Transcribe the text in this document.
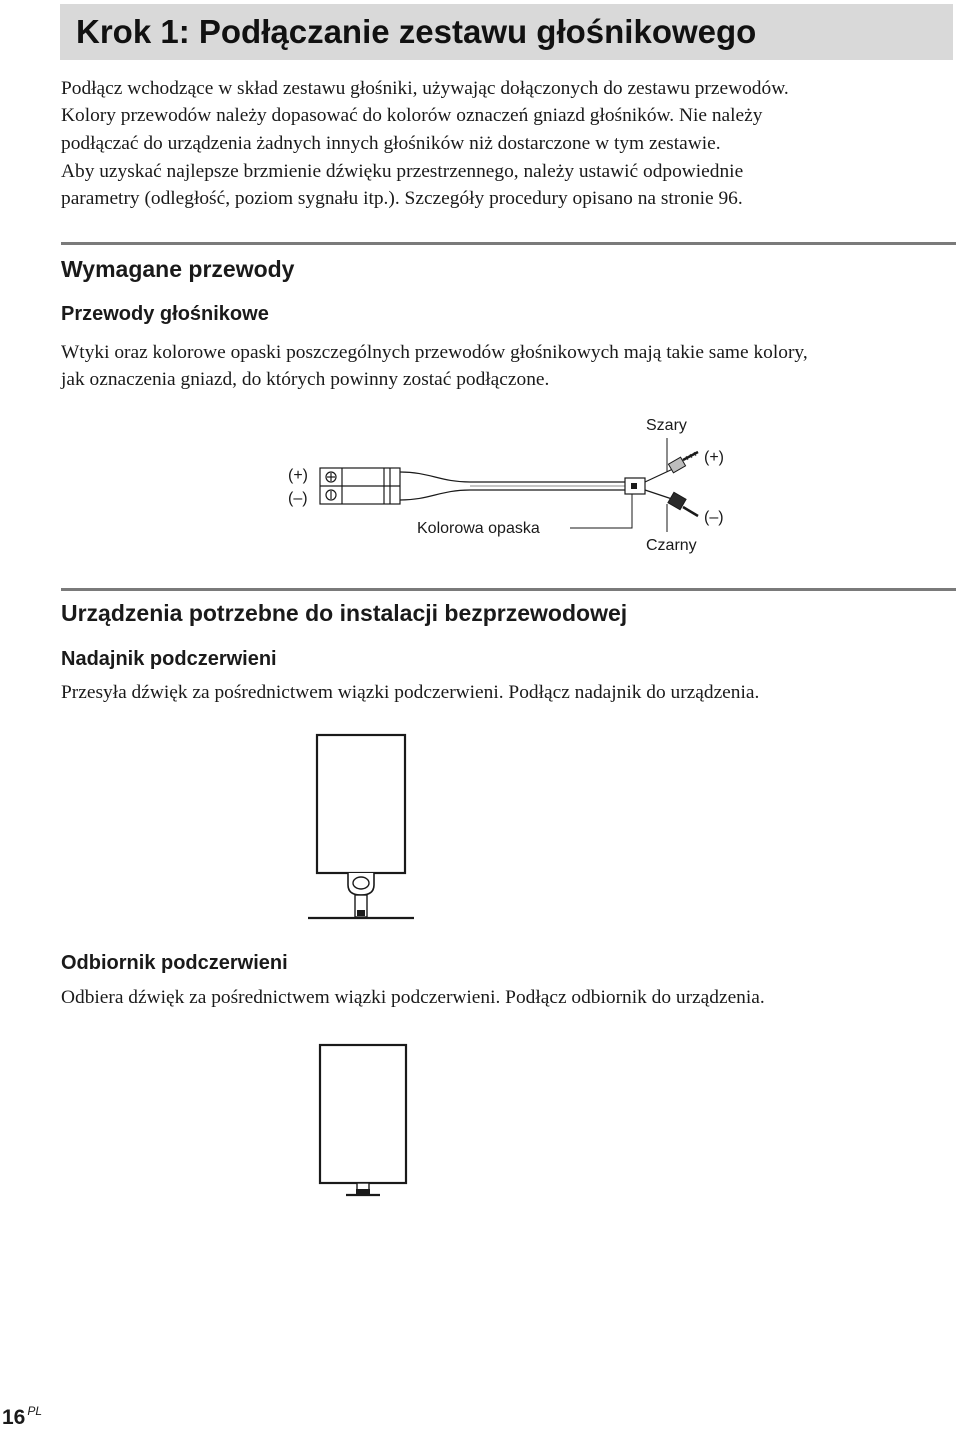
Krok 1: Podłączanie zestawu głośnikowego

Podłącz wchodzące w skład zestawu głośniki, używając dołączonych do zestawu przewodów.
Kolory przewodów należy dopasować do kolorów oznaczeń gniazd głośników. Nie należy
podłączać do urządzenia żadnych innych głośników niż dostarczone w tym zestawie.

Aby uzyskać najlepsze brzmienie dźwięku przestrzennego, należy ustawić odpowiednie
parametry (odległość, poziom sygnału itp.). Szczegóły procedury opisano na stronie 96.

Wymagane przewody
Przewody głośnikowe

Wtyki oraz kolorowe opaski poszczególnych przewodów głośnikowych mają takie same kolory,
jak oznaczenia gniazd, do których powinny zostać podłączone.

(+)
(–)
Szary
(+)
(–)
Kolorowa opaska
Czarny
Urządzenia potrzebne do instalacji bezprzewodowej
Nadajnik podczerwieni

Przesyła dźwięk za pośrednictwem wiązki podczerwieni. Podłącz nadajnik do urządzenia.

Odbiornik podczerwieni

Odbiera dźwięk za pośrednictwem wiązki podczerwieni. Podłącz odbiornik do urządzenia.

16 $^{PL}$
